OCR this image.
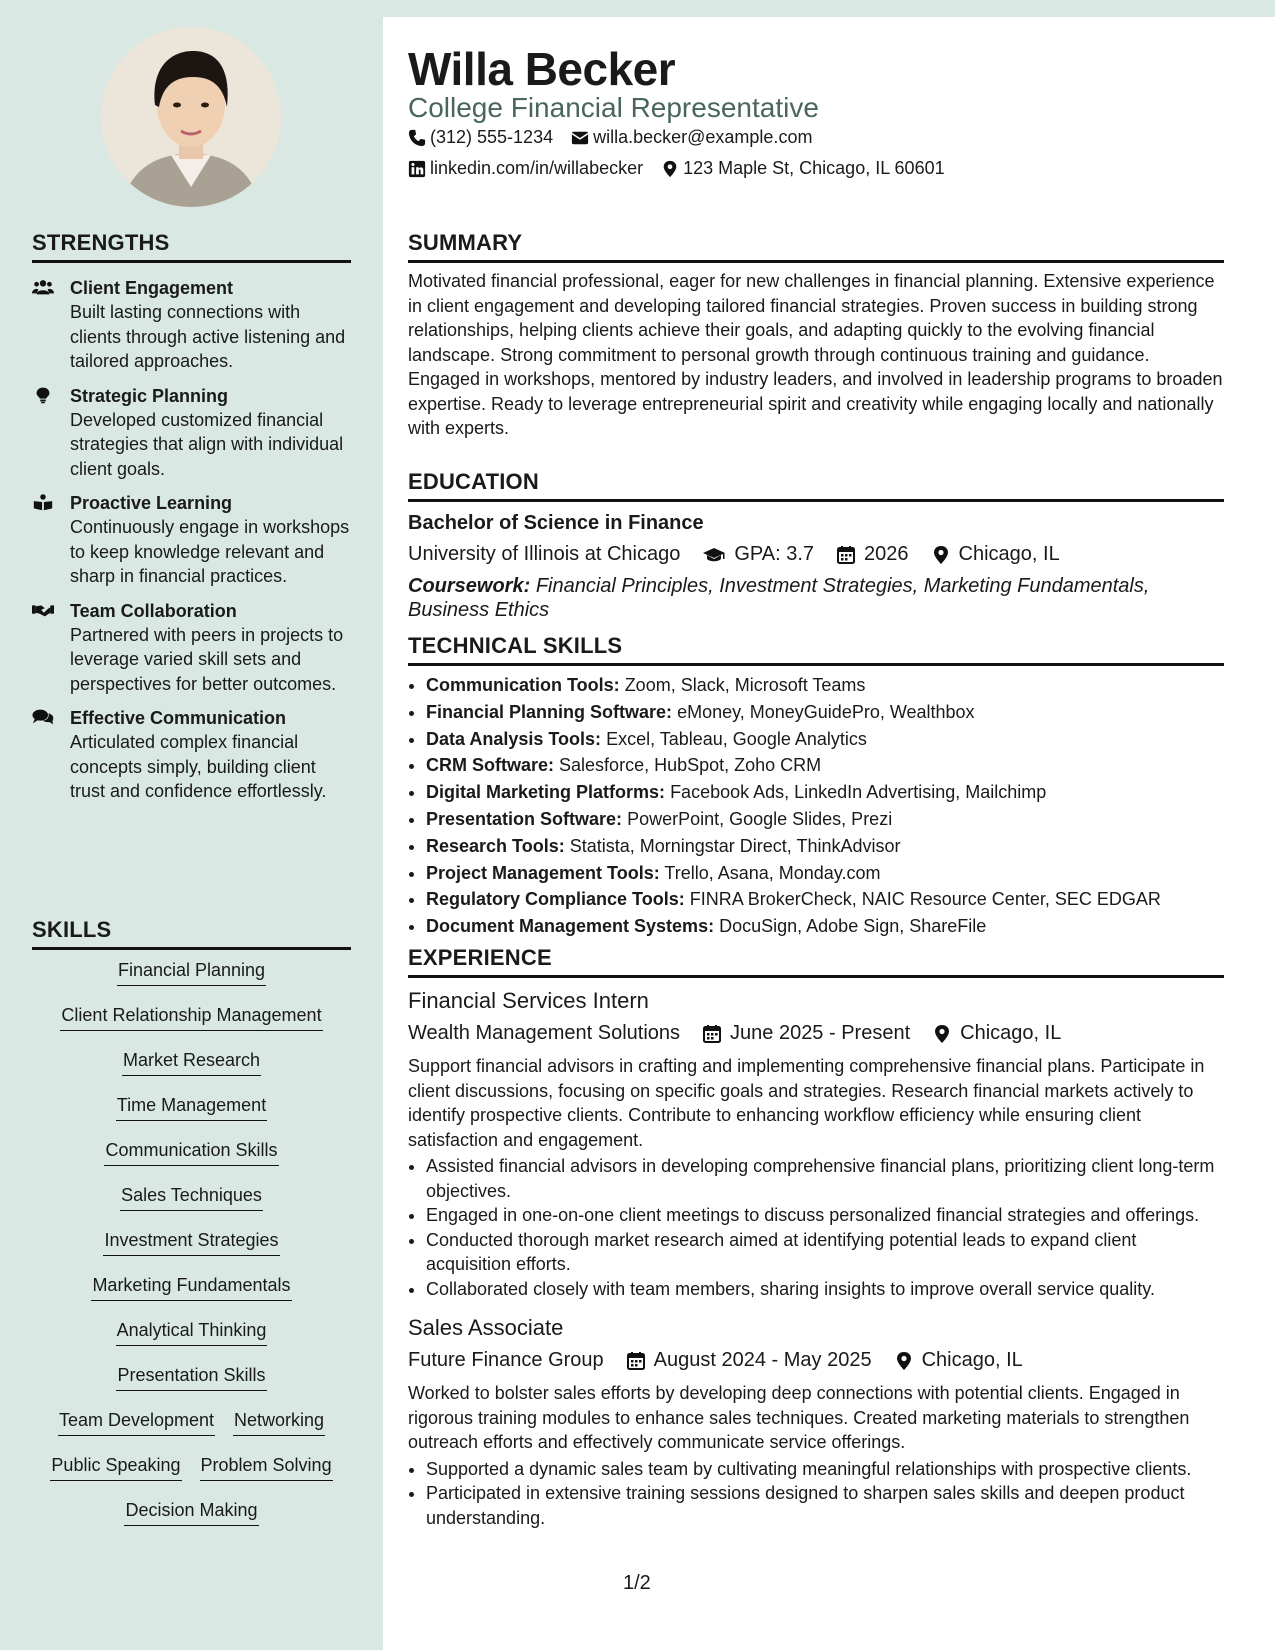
STRENGTHS
Client Engagement
Built lasting connections with clients through active listening and tailored approaches.
Strategic Planning
Developed customized financial strategies that align with individual client goals.
Proactive Learning
Continuously engage in workshops to keep knowledge relevant and sharp in financial practices.
Team Collaboration
Partnered with peers in projects to leverage varied skill sets and perspectives for better outcomes.
Effective Communication
Articulated complex financial concepts simply, building client trust and confidence effortlessly.
SKILLS
Financial Planning
Client Relationship Management
Market Research
Time Management
Communication Skills
Sales Techniques
Investment Strategies
Marketing Fundamentals
Analytical Thinking
Presentation Skills
Team Development Networking
Public Speaking Problem Solving
Decision Making
Willa Becker
College Financial Representative
(312) 555-1234 willa.becker@example.com
linkedin.com/in/willabecker 123 Maple St, Chicago, IL 60601
SUMMARY
Motivated financial professional, eager for new challenges in financial planning. Extensive experience in client engagement and developing tailored financial strategies. Proven success in building strong relationships, helping clients achieve their goals, and adapting quickly to the evolving financial landscape. Strong commitment to personal growth through continuous training and guidance. Engaged in workshops, mentored by industry leaders, and involved in leadership programs to broaden expertise. Ready to leverage entrepreneurial spirit and creativity while engaging locally and nationally with experts.
EDUCATION
Bachelor of Science in Finance
University of Illinois at Chicago	GPA: 3.7	2026	Chicago, IL
Coursework: Financial Principles, Investment Strategies, Marketing Fundamentals, Business Ethics
TECHNICAL SKILLS
• Communication Tools: Zoom, Slack, Microsoft Teams
• Financial Planning Software: eMoney, MoneyGuidePro, Wealthbox
• Data Analysis Tools: Excel, Tableau, Google Analytics
• CRM Software: Salesforce, HubSpot, Zoho CRM
• Digital Marketing Platforms: Facebook Ads, LinkedIn Advertising, Mailchimp
• Presentation Software: PowerPoint, Google Slides, Prezi
• Research Tools: Statista, Morningstar Direct, ThinkAdvisor
• Project Management Tools: Trello, Asana, Monday.com
• Regulatory Compliance Tools: FINRA BrokerCheck, NAIC Resource Center, SEC EDGAR
• Document Management Systems: DocuSign, Adobe Sign, ShareFile
EXPERIENCE
Financial Services Intern
Wealth Management Solutions	June 2025 - Present	Chicago, IL
Support financial advisors in crafting and implementing comprehensive financial plans. Participate in client discussions, focusing on specific goals and strategies. Research financial markets actively to identify prospective clients. Contribute to enhancing workflow efficiency while ensuring client satisfaction and engagement.
• Assisted financial advisors in developing comprehensive financial plans, prioritizing client long-term objectives.
• Engaged in one-on-one client meetings to discuss personalized financial strategies and offerings.
• Conducted thorough market research aimed at identifying potential leads to expand client acquisition efforts.
• Collaborated closely with team members, sharing insights to improve overall service quality.
Sales Associate
Future Finance Group	August 2024 - May 2025	Chicago, IL
Worked to bolster sales efforts by developing deep connections with potential clients. Engaged in rigorous training modules to enhance sales techniques. Created marketing materials to strengthen outreach efforts and effectively communicate service offerings.
• Supported a dynamic sales team by cultivating meaningful relationships with prospective clients.
• Participated in extensive training sessions designed to sharpen sales skills and deepen product understanding.
1/2
